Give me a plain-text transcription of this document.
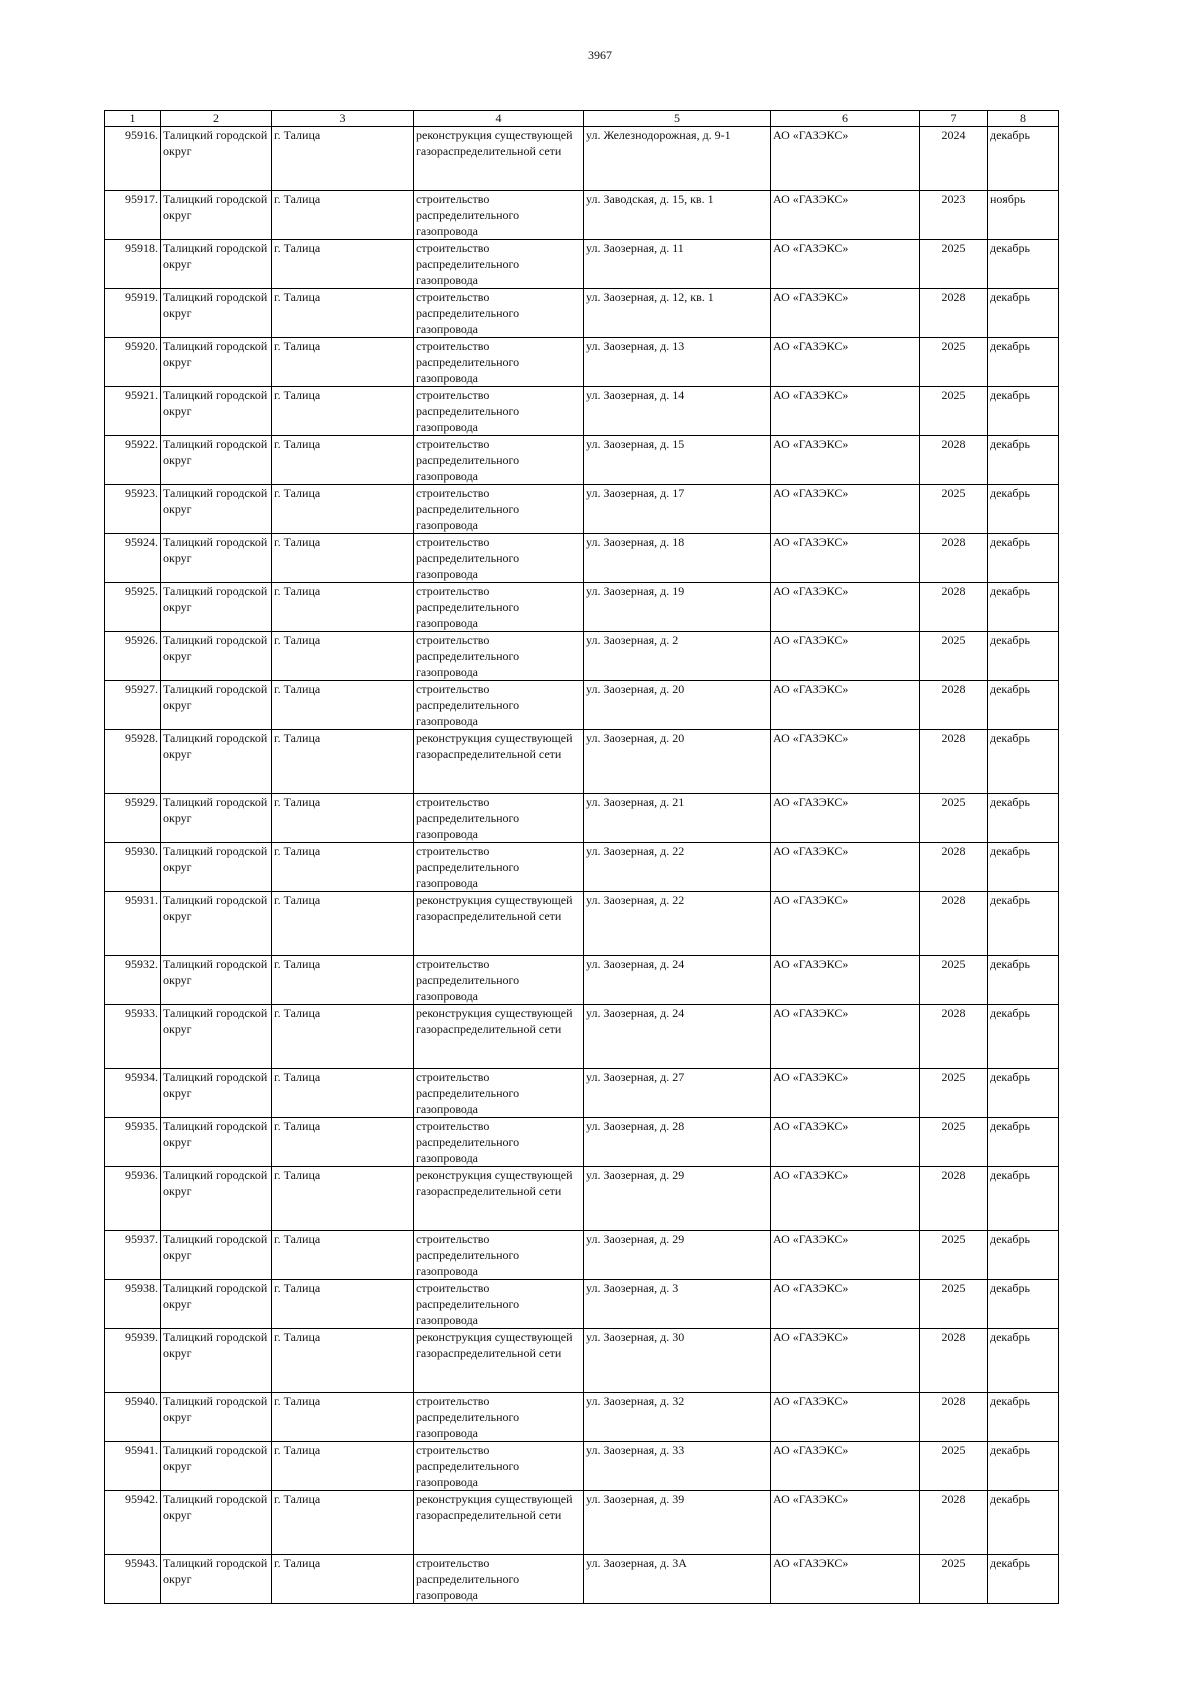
3967
1	2	3	4	5	6	7	8
95916.	Талицкий городской округ	г. Талица	реконструкция существующей газораспределительной сети	ул. Железнодорожная, д. 9-1	АО «ГАЗЭКС»	2024	декабрь
95917.	Талицкий городской округ	г. Талица	строительство распределительного газопровода	ул. Заводская, д. 15, кв. 1	АО «ГАЗЭКС»	2023	ноябрь
95918.	Талицкий городской округ	г. Талица	строительство распределительного газопровода	ул. Заозерная, д. 11	АО «ГАЗЭКС»	2025	декабрь
95919.	Талицкий городской округ	г. Талица	строительство распределительного газопровода	ул. Заозерная, д. 12, кв. 1	АО «ГАЗЭКС»	2028	декабрь
95920.	Талицкий городской округ	г. Талица	строительство распределительного газопровода	ул. Заозерная, д. 13	АО «ГАЗЭКС»	2025	декабрь
95921.	Талицкий городской округ	г. Талица	строительство распределительного газопровода	ул. Заозерная, д. 14	АО «ГАЗЭКС»	2025	декабрь
95922.	Талицкий городской округ	г. Талица	строительство распределительного газопровода	ул. Заозерная, д. 15	АО «ГАЗЭКС»	2028	декабрь
95923.	Талицкий городской округ	г. Талица	строительство распределительного газопровода	ул. Заозерная, д. 17	АО «ГАЗЭКС»	2025	декабрь
95924.	Талицкий городской округ	г. Талица	строительство распределительного газопровода	ул. Заозерная, д. 18	АО «ГАЗЭКС»	2028	декабрь
95925.	Талицкий городской округ	г. Талица	строительство распределительного газопровода	ул. Заозерная, д. 19	АО «ГАЗЭКС»	2028	декабрь
95926.	Талицкий городской округ	г. Талица	строительство распределительного газопровода	ул. Заозерная, д. 2	АО «ГАЗЭКС»	2025	декабрь
95927.	Талицкий городской округ	г. Талица	строительство распределительного газопровода	ул. Заозерная, д. 20	АО «ГАЗЭКС»	2028	декабрь
95928.	Талицкий городской округ	г. Талица	реконструкция существующей газораспределительной сети	ул. Заозерная, д. 20	АО «ГАЗЭКС»	2028	декабрь
95929.	Талицкий городской округ	г. Талица	строительство распределительного газопровода	ул. Заозерная, д. 21	АО «ГАЗЭКС»	2025	декабрь
95930.	Талицкий городской округ	г. Талица	строительство распределительного газопровода	ул. Заозерная, д. 22	АО «ГАЗЭКС»	2028	декабрь
95931.	Талицкий городской округ	г. Талица	реконструкция существующей газораспределительной сети	ул. Заозерная, д. 22	АО «ГАЗЭКС»	2028	декабрь
95932.	Талицкий городской округ	г. Талица	строительство распределительного газопровода	ул. Заозерная, д. 24	АО «ГАЗЭКС»	2025	декабрь
95933.	Талицкий городской округ	г. Талица	реконструкция существующей газораспределительной сети	ул. Заозерная, д. 24	АО «ГАЗЭКС»	2028	декабрь
95934.	Талицкий городской округ	г. Талица	строительство распределительного газопровода	ул. Заозерная, д. 27	АО «ГАЗЭКС»	2025	декабрь
95935.	Талицкий городской округ	г. Талица	строительство распределительного газопровода	ул. Заозерная, д. 28	АО «ГАЗЭКС»	2025	декабрь
95936.	Талицкий городской округ	г. Талица	реконструкция существующей газораспределительной сети	ул. Заозерная, д. 29	АО «ГАЗЭКС»	2028	декабрь
95937.	Талицкий городской округ	г. Талица	строительство распределительного газопровода	ул. Заозерная, д. 29	АО «ГАЗЭКС»	2025	декабрь
95938.	Талицкий городской округ	г. Талица	строительство распределительного газопровода	ул. Заозерная, д. 3	АО «ГАЗЭКС»	2025	декабрь
95939.	Талицкий городской округ	г. Талица	реконструкция существующей газораспределительной сети	ул. Заозерная, д. 30	АО «ГАЗЭКС»	2028	декабрь
95940.	Талицкий городской округ	г. Талица	строительство распределительного газопровода	ул. Заозерная, д. 32	АО «ГАЗЭКС»	2028	декабрь
95941.	Талицкий городской округ	г. Талица	строительство распределительного газопровода	ул. Заозерная, д. 33	АО «ГАЗЭКС»	2025	декабрь
95942.	Талицкий городской округ	г. Талица	реконструкция существующей газораспределительной сети	ул. Заозерная, д. 39	АО «ГАЗЭКС»	2028	декабрь
95943.	Талицкий городской округ	г. Талица	строительство распределительного газопровода	ул. Заозерная, д. 3А	АО «ГАЗЭКС»	2025	декабрь
